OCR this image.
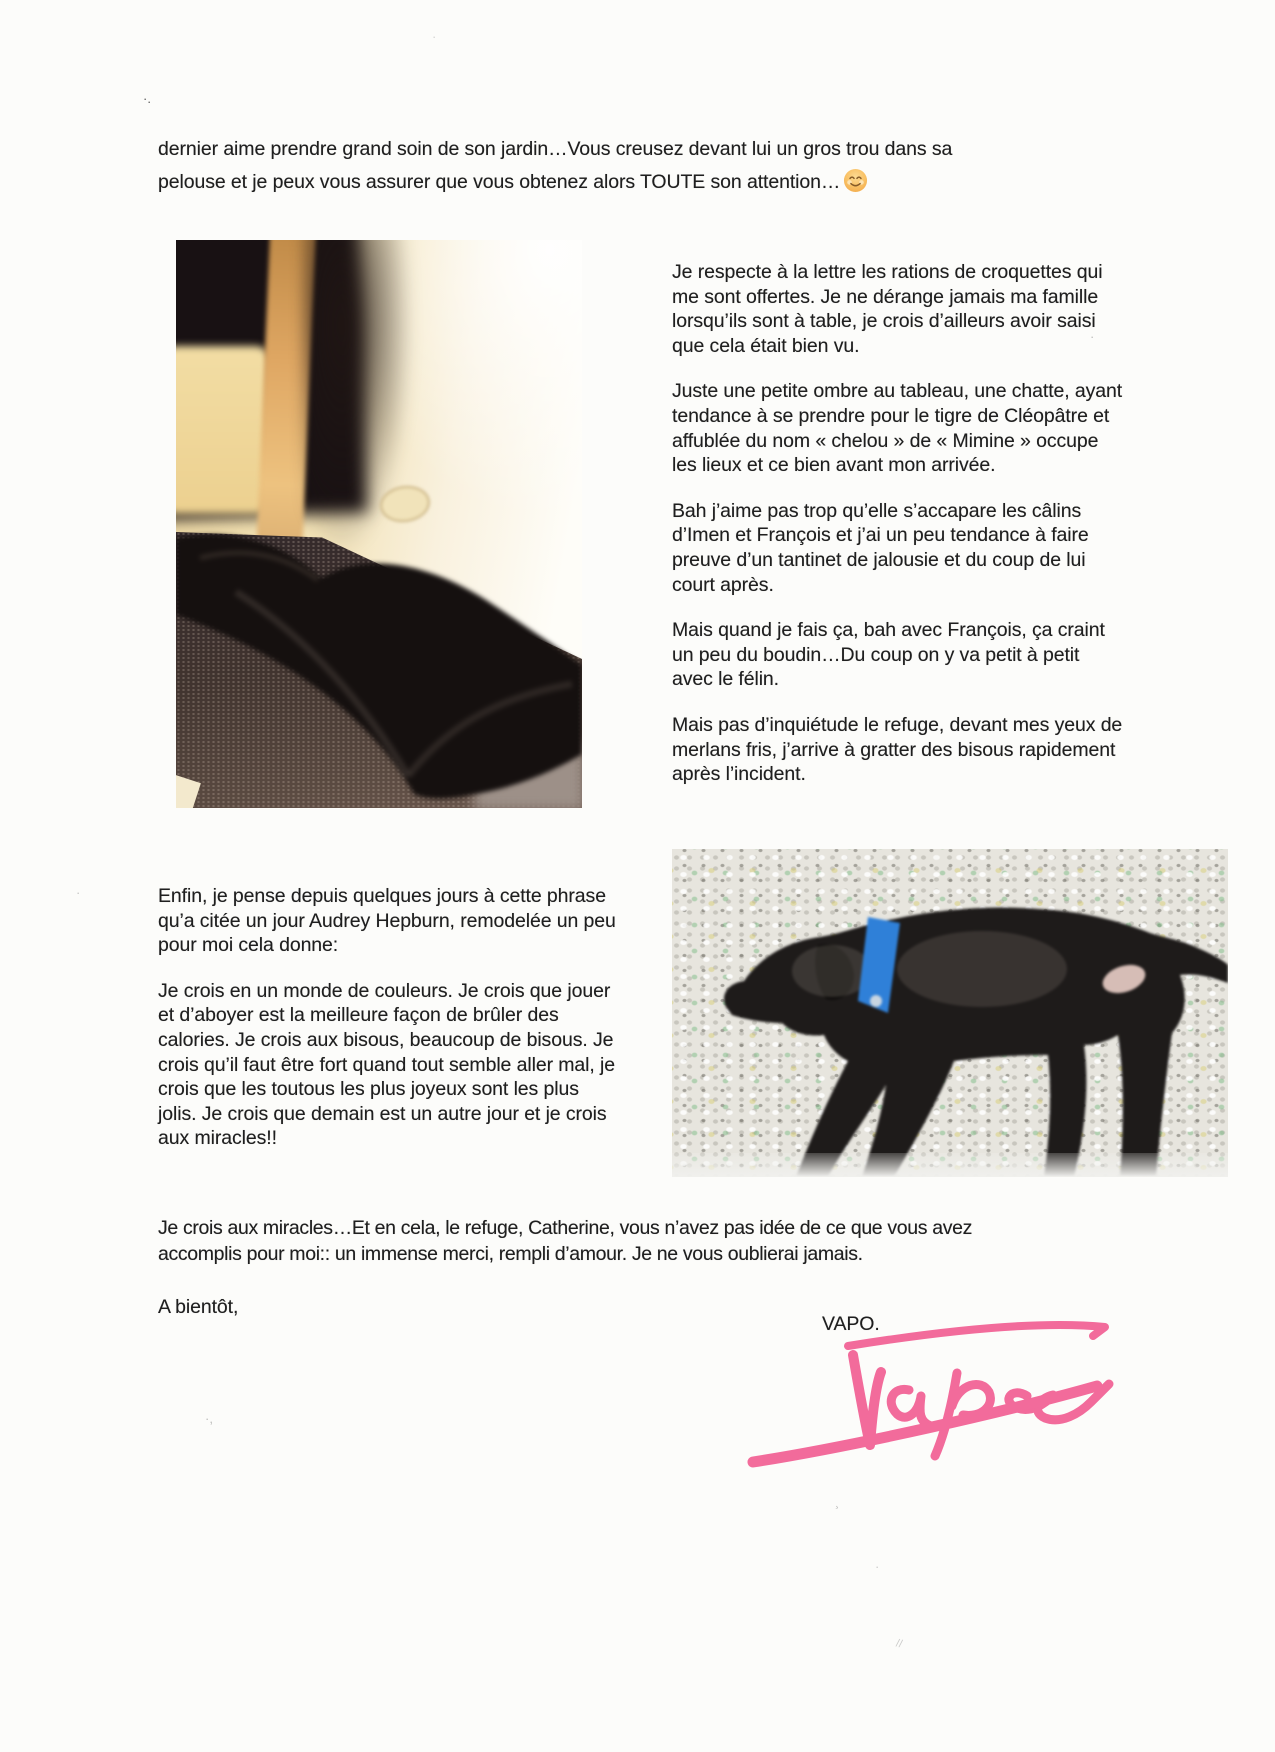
·.
·
·
·,
¸
·
//
·

dernier aime prendre grand soin de son jardin…Vous creusez devant lui un gros trou dans sa pelouse et je peux vous assurer que vous obtenez alors TOUTE son attention…

Je respecte à la lettre les rations de croquettes qui me sont offertes. Je ne dérange jamais ma famille lorsqu’ils sont à table, je crois d’ailleurs avoir saisi que cela était bien vu.

Juste une petite ombre au tableau, une chatte, ayant tendance à se prendre pour le tigre de Cléopâtre et affublée du nom « chelou » de « Mimine » occupe les lieux et ce bien avant mon arrivée.

Bah j’aime pas trop qu’elle s’accapare les câlins d’Imen et François et j’ai un peu tendance à faire preuve d’un tantinet de jalousie et du coup de lui court après.

Mais quand je fais ça, bah avec François, ça craint un peu du boudin…Du coup on y va petit à petit avec le félin.

Mais pas d’inquiétude le refuge, devant mes yeux de merlans fris, j’arrive à gratter des bisous rapidement après l’incident.

Enfin, je pense depuis quelques jours à cette phrase qu’a citée un jour Audrey Hepburn, remodelée un peu pour moi cela donne:

Je crois en un monde de couleurs. Je crois que jouer et d’aboyer est la meilleure façon de brûler des calories. Je crois aux bisous, beaucoup de bisous. Je crois qu’il faut être fort quand tout semble aller mal, je crois que les toutous les plus joyeux sont les plus jolis. Je crois que demain est un autre jour et je crois aux miracles!!

Je crois aux miracles…Et en cela, le refuge, Catherine, vous n’avez pas idée de ce que vous avez accomplis pour moi:: un immense merci, rempli d’amour. Je ne vous oublierai jamais.

A bientôt,

VAPO.
